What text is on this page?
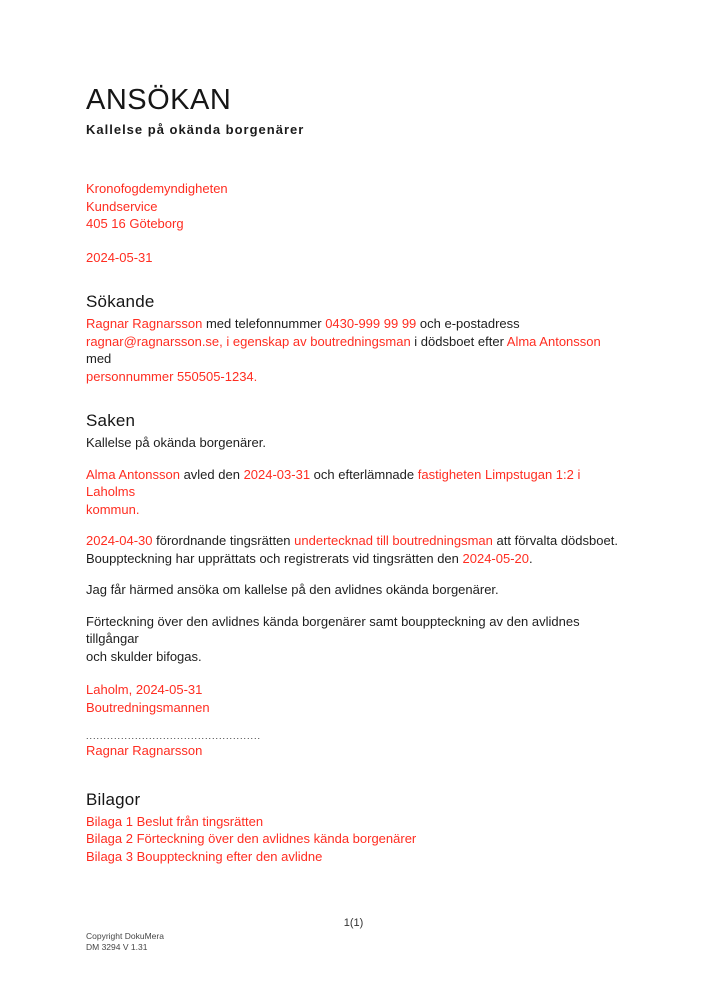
ANSÖKAN
Kallelse på okända borgenärer
Kronofogdemyndigheten
Kundservice
405 16 Göteborg

2024-05-31

Sökande

Ragnar Ragnarsson med telefonnummer 0430-999 99 99 och e-postadress
ragnar@ragnarsson.se, i egenskap av boutredningsman i dödsboet efter Alma Antonsson med
personnummer 550505-1234.

Saken

Kallelse på okända borgenärer.

Alma Antonsson avled den 2024-03-31 och efterlämnade fastigheten Limpstugan 1:2 i Laholms
kommun.

2024-04-30 förordnande tingsrätten undertecknad till boutredningsman att förvalta dödsboet.
Bouppteckning har upprättats och registrerats vid tingsrätten den 2024-05-20.

Jag får härmed ansöka om kallelse på den avlidnes okända borgenärer.

Förteckning över den avlidnes kända borgenärer samt bouppteckning av den avlidnes tillgångar
och skulder bifogas.

Laholm, 2024-05-31
Boutredningsmannen
..................................................
Ragnar Ragnarsson
Bilagor
Bilaga 1 Beslut från tingsrätten
Bilaga 2 Förteckning över den avlidnes kända borgenärer
Bilaga 3 Bouppteckning efter den avlidne
1(1)
Copyright DokuMera
DM 3294 V 1.31
